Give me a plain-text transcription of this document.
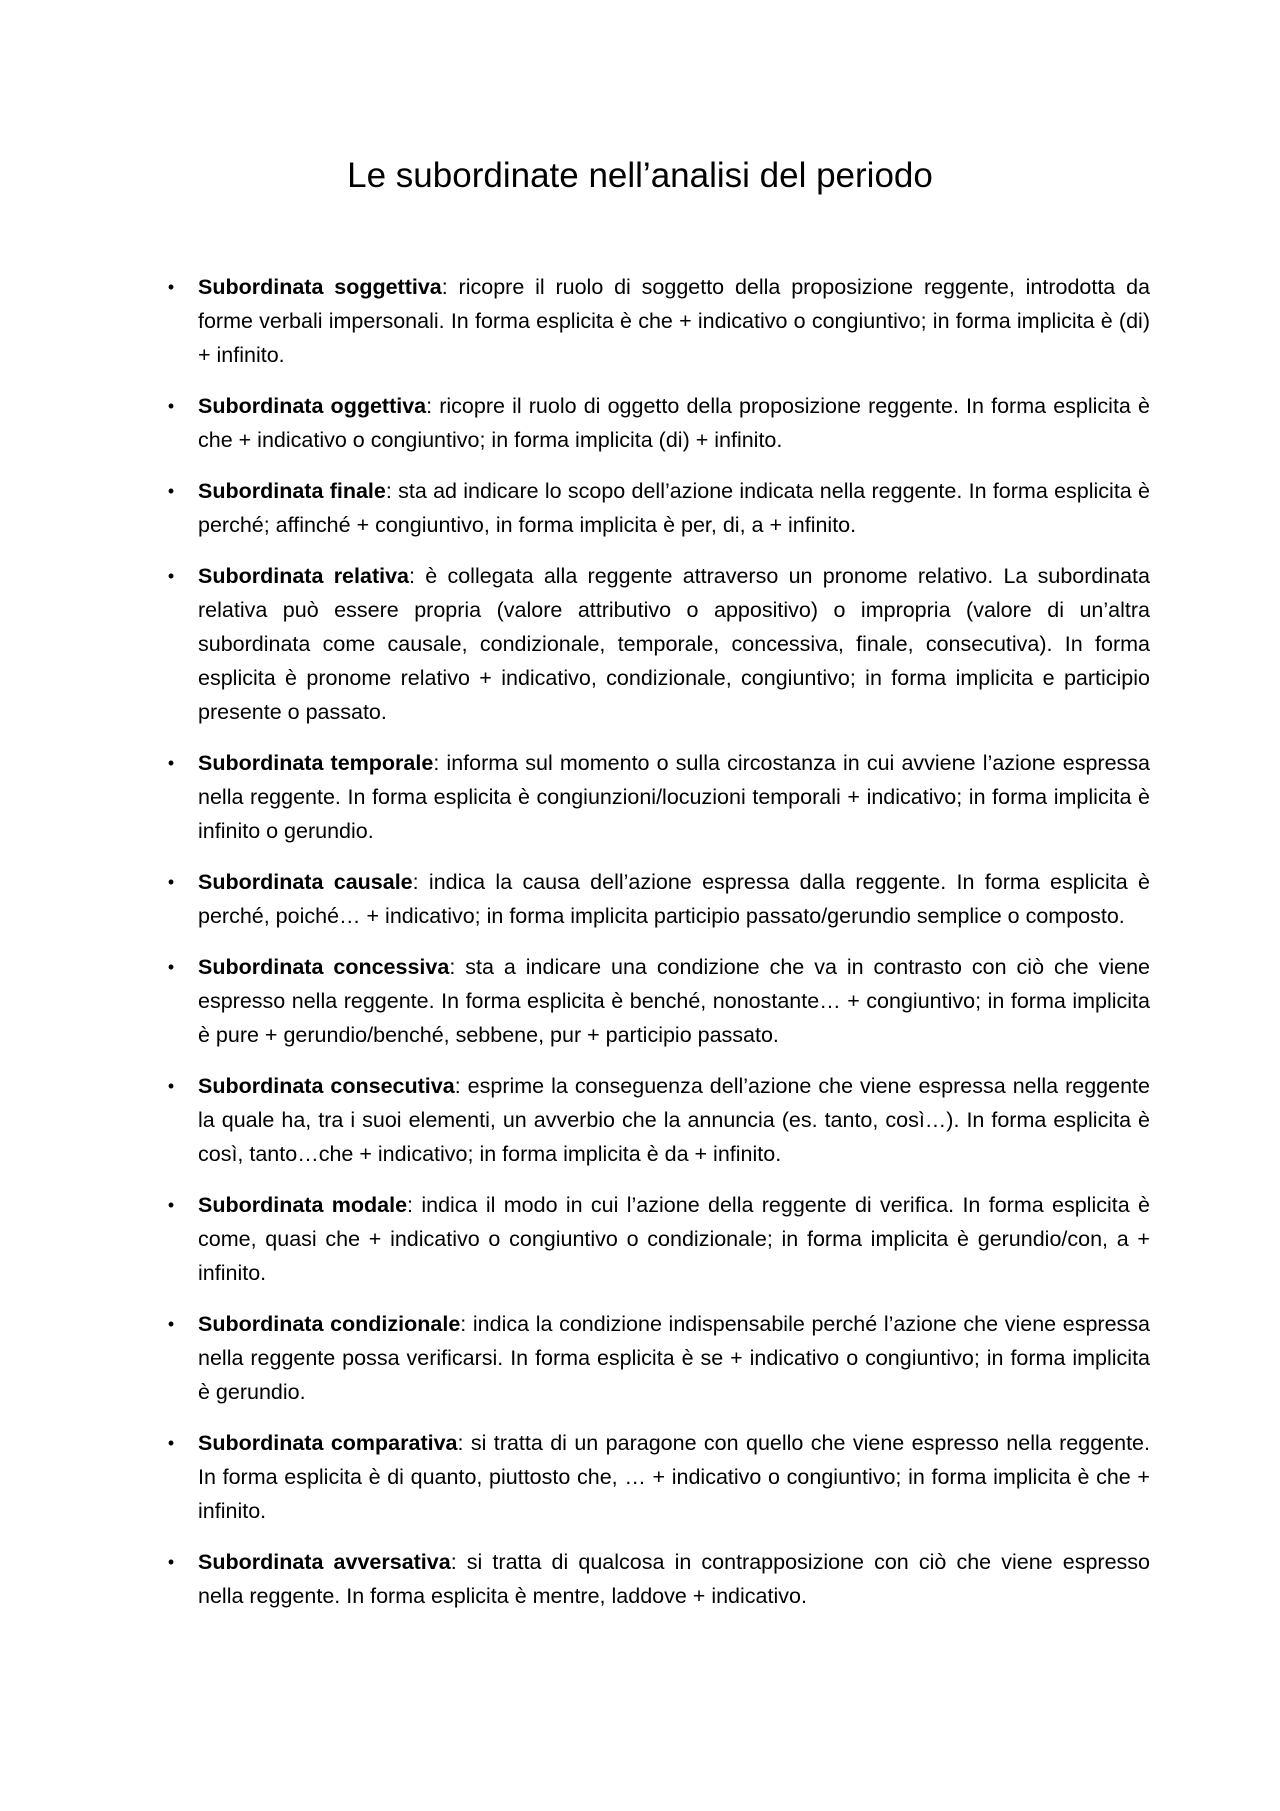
Le subordinate nell’analisi del periodo
•	Subordinata soggettiva: ricopre il ruolo di soggetto della proposizione reggente, introdotta da forme verbali impersonali. In forma esplicita è che + indicativo o congiuntivo; in forma implicita è (di) + infinito.
•	Subordinata oggettiva: ricopre il ruolo di oggetto della proposizione reggente. In forma esplicita è che + indicativo o congiuntivo; in forma implicita (di) + infinito.
•	Subordinata finale: sta ad indicare lo scopo dell’azione indicata nella reggente. In forma esplicita è perché; affinché + congiuntivo, in forma implicita è per, di, a + infinito.
•	Subordinata relativa: è collegata alla reggente attraverso un pronome relativo. La subordinata relativa può essere propria (valore attributivo o appositivo) o impropria (valore di un’altra subordinata come causale, condizionale, temporale, concessiva, finale, consecutiva). In forma esplicita è pronome relativo + indicativo, condizionale, congiuntivo; in forma implicita e participio presente o passato.
•	Subordinata temporale: informa sul momento o sulla circostanza in cui avviene l’azione espressa nella reggente. In forma esplicita è congiunzioni/locuzioni temporali + indicativo; in forma implicita è infinito o gerundio.
•	Subordinata causale: indica la causa dell’azione espressa dalla reggente. In forma esplicita è perché, poiché… + indicativo; in forma implicita participio passato/gerundio semplice o composto.
•	Subordinata concessiva: sta a indicare una condizione che va in contrasto con ciò che viene espresso nella reggente. In forma esplicita è benché, nonostante… + congiuntivo; in forma implicita è pure + gerundio/benché, sebbene, pur + participio passato.
•	Subordinata consecutiva: esprime la conseguenza dell’azione che viene espressa nella reggente la quale ha, tra i suoi elementi, un avverbio che la annuncia (es. tanto, così…). In forma esplicita è così, tanto…che + indicativo; in forma implicita è da + infinito.
•	Subordinata modale: indica il modo in cui l’azione della reggente di verifica. In forma esplicita è come, quasi che + indicativo o congiuntivo o condizionale; in forma implicita è gerundio/con, a + infinito.
•	Subordinata condizionale: indica la condizione indispensabile perché l’azione che viene espressa nella reggente possa verificarsi. In forma esplicita è se + indicativo o congiuntivo; in forma implicita è gerundio.
•	Subordinata comparativa: si tratta di un paragone con quello che viene espresso nella reggente. In forma esplicita è di quanto, piuttosto che, … + indicativo o congiuntivo; in forma implicita è che + infinito.
•	Subordinata avversativa: si tratta di qualcosa in contrapposizione con ciò che viene espresso nella reggente. In forma esplicita è mentre, laddove + indicativo.
